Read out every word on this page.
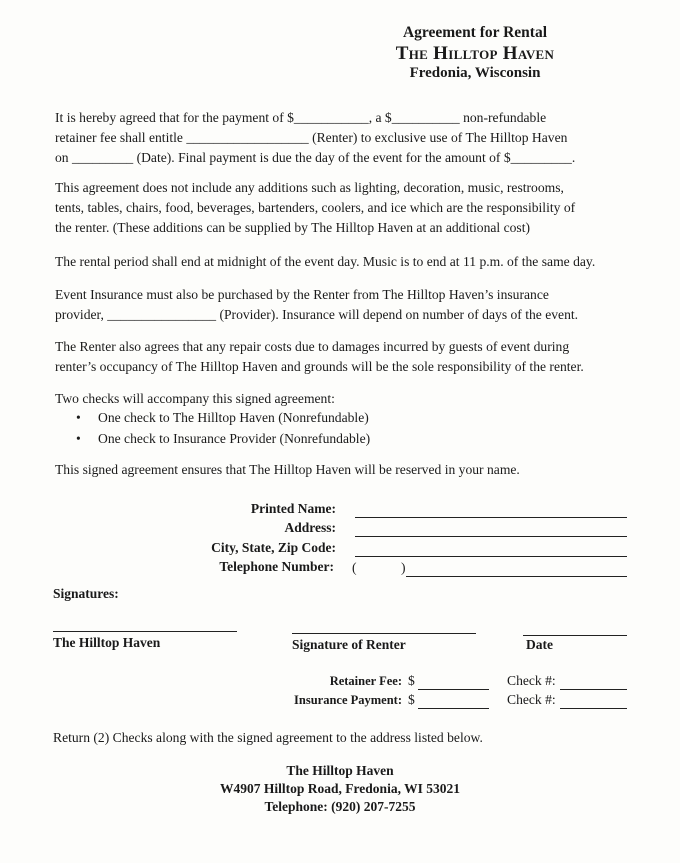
Agreement for Rental
The Hilltop Haven
Fredonia, Wisconsin
It is hereby agreed that for the payment of $___________, a $__________ non-refundable
retainer fee shall entitle __________________ (Renter) to exclusive use of The Hilltop Haven
on _________ (Date). Final payment is due the day of the event for the amount of $_________.
This agreement does not include any additions such as lighting, decoration, music, restrooms,
tents, tables, chairs, food, beverages, bartenders, coolers, and ice which are the responsibility of
the renter. (These additions can be supplied by The Hilltop Haven at an additional cost)
The rental period shall end at midnight of the event day. Music is to end at 11 p.m. of the same day.
Event Insurance must also be purchased by the Renter from The Hilltop Haven’s insurance
provider, ________________ (Provider). Insurance will depend on number of days of the event.
The Renter also agrees that any repair costs due to damages incurred by guests of event during
renter’s occupancy of The Hilltop Haven and grounds will be the sole responsibility of the renter.
Two checks will accompany this signed agreement:
• One check to The Hilltop Haven (Nonrefundable)
• One check to Insurance Provider (Nonrefundable)
This signed agreement ensures that The Hilltop Haven will be reserved in your name.
Printed Name:
Address:
City, State, Zip Code:
Telephone Number: (	)
Signatures:
The Hilltop Haven	Signature of Renter	Date
Retainer Fee: $	Check #:
Insurance Payment: $	Check #:
Return (2) Checks along with the signed agreement to the address listed below.
The Hilltop Haven
W4907 Hilltop Road, Fredonia, WI 53021
Telephone: (920) 207-7255
